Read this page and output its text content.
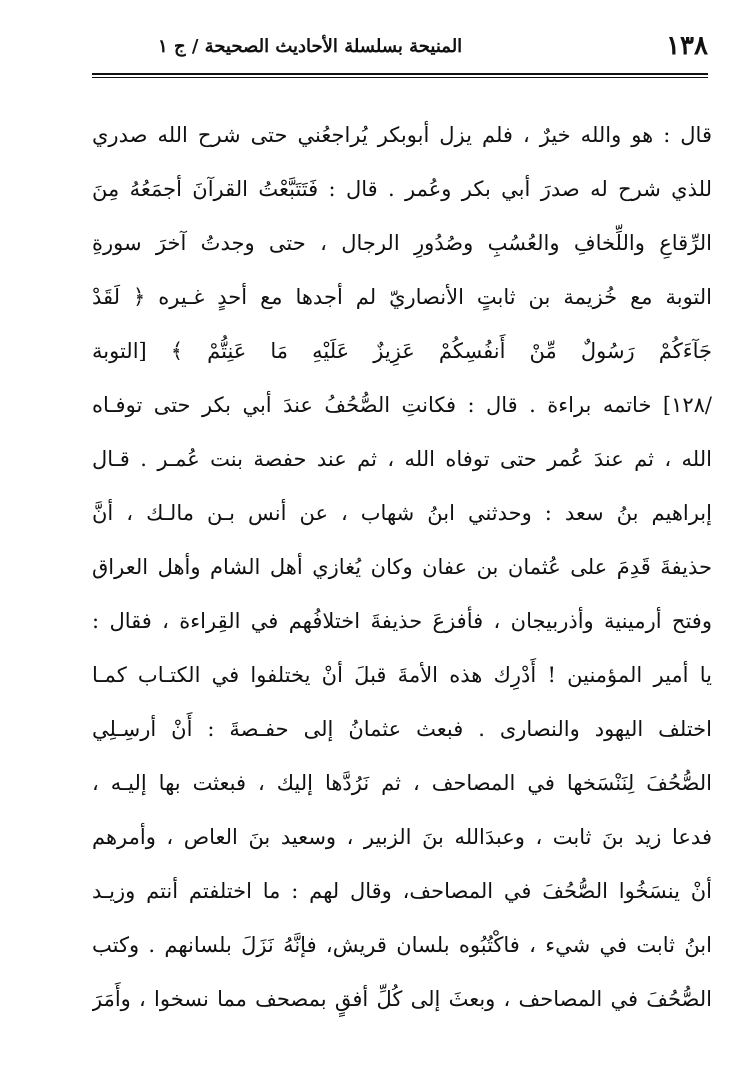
١٣٨
المنيحة بسلسلة الأحاديث الصحيحة / ج ١
قال : هو والله خيرٌ ، فلم يزل أبوبكر يُراجعُني حتى شرح الله صدري
للذي شرح له صدرَ أبي بكر وعُمر . قال : فَتَتَبَّعْتُ القرآنَ أجمَعُهُ مِنَ
الرِّقاعِ واللِّخافِ والعُسُبِ وصُدُورِ الرجال ، حتى وجدتُ آخرَ سورةِ
التوبة مع خُزيمة بن ثابتٍ الأنصاريّ لم أجدها مع أحدٍ غـيره ﴿ لَقَدْ
جَآءَكُمْ رَسُولٌ مِّنْ أَنفُسِكُمْ عَزِيزٌ عَلَيْهِ مَا عَنِتُّمْ ﴾ [التوبة
/١٢٨] خاتمه براءة . قال : فكانتِ الصُّحُفُ عندَ أبي بكر حتى توفـاه
الله ، ثم عندَ عُمر حتى توفاه الله ، ثم عند حفصة بنت عُمـر . قـال
إبراهيم بنُ سعد : وحدثني ابنُ شهاب ، عن أنس بـن مالـك ، أنَّ
حذيفةَ قَدِمَ على عُثمان بن عفان وكان يُغازي أهل الشام وأهل العراق
وفتح أرمينية وأذربيجان ، فأفزعَ حذيفةَ اختلافُهم في القِراءة ، فقال :
يا أمير المؤمنين ! أَدْرِك هذه الأمةَ قبلَ أنْ يختلفوا في الكتـاب كمـا
اختلف اليهود والنصارى . فبعث عثمانُ إلى حفـصةَ : أَنْ أرسِـلِي
الصُّحُفَ لِنَنْسَخها في المصاحف ، ثم نَرُدَّها إليك ، فبعثت بها إليـه ،
فدعا زيد بنَ ثابت ، وعبدَالله بنَ الزبير ، وسعيد بنَ العاص ، وأمرهم
أنْ ينسَخُوا الصُّحُفَ في المصاحف، وقال لهم : ما اختلفتم أنتم وزيـد
ابنُ ثابت في شيء ، فاكْتُبُوه بلسان قريش، فإنَّهُ نَزَلَ بلسانهم . وكتب
الصُّحُفَ في المصاحف ، وبعثَ إلى كُلِّ أفقٍ بمصحف مما نسخوا ، وأَمَرَ
